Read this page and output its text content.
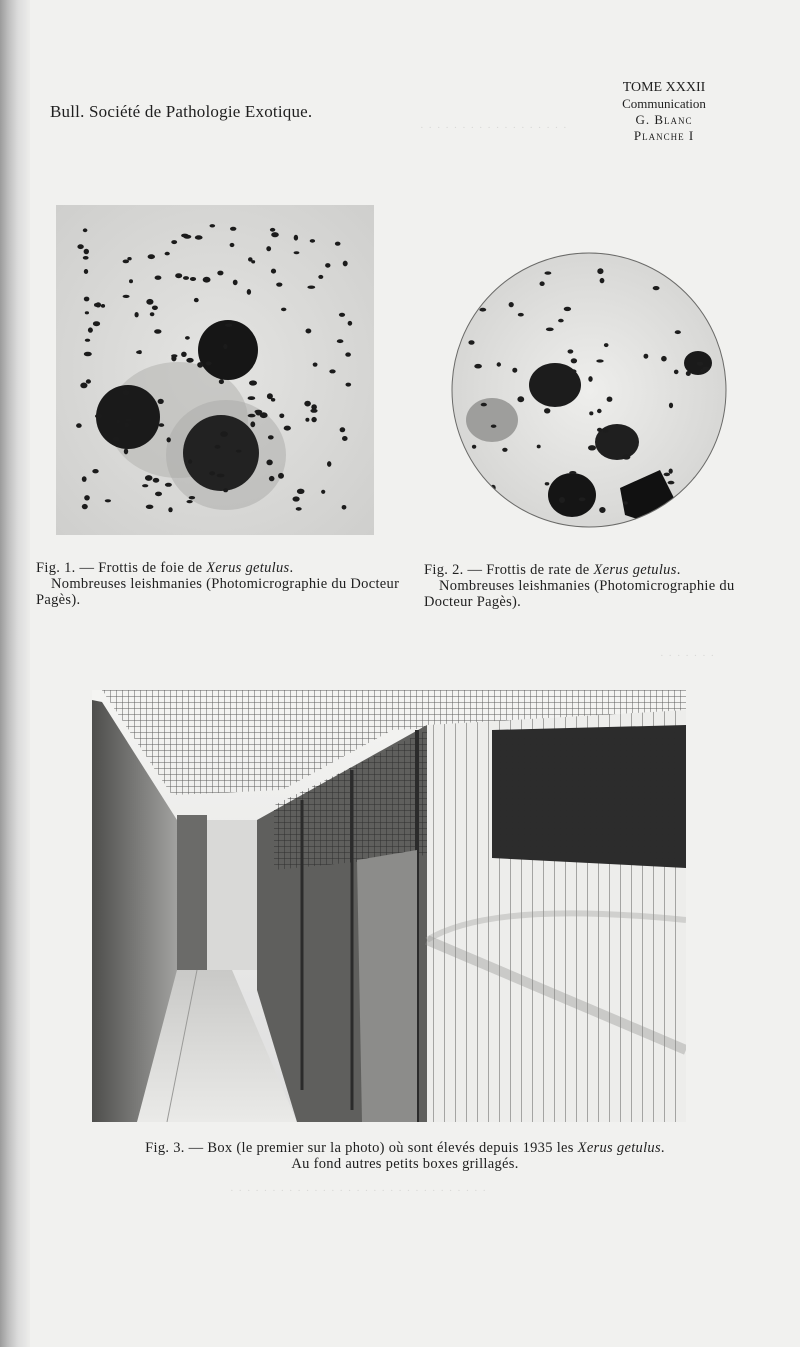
· · · · · · · · · · · · · · · · · ·
· · · · · · ·
· · · · · · · · · · · · · · · · · · · · · · · · · · · · · · ·
Bull. Société de Pathologie Exotique.
TOME XXXII
Communication
G. Blanc
Planche I
Fig. 1. — Frottis de foie de Xerus getulus.
Nombreuses leishmanies (Photomicrographie du Docteur Pagès).
Fig. 2. — Frottis de rate de Xerus getulus.
Nombreuses leishmanies (Photomicrographie du Docteur Pagès).
Fig. 3. — Box (le premier sur la photo) où sont élevés depuis 1935 les Xerus getulus.
Au fond autres petits boxes grillagés.
